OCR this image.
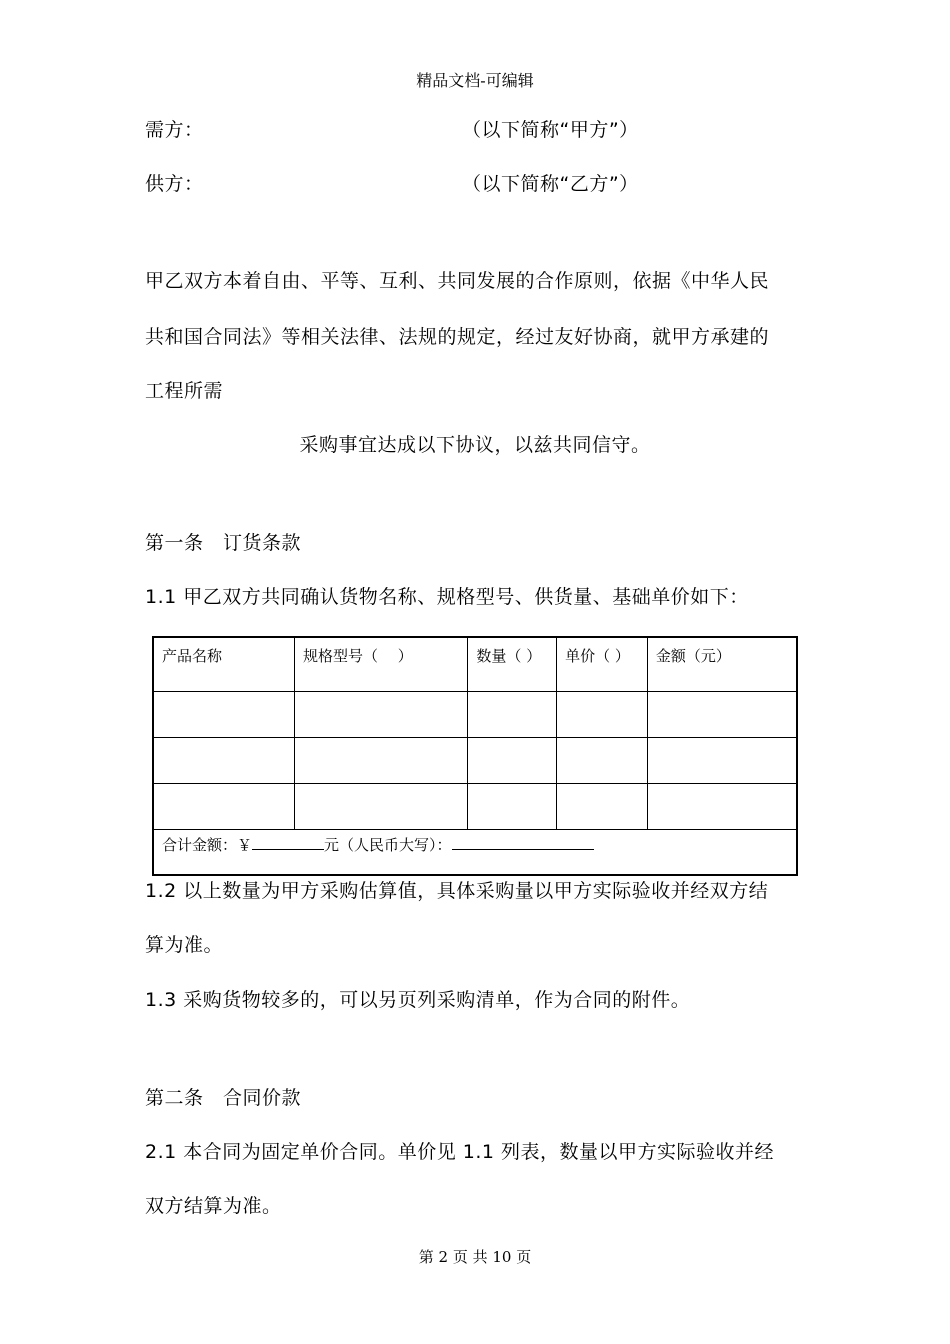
精品文档-可编辑
需方：	（以下简称“甲方”）
供方：	（以下简称“乙方”）
甲乙双方本着自由、平等、互利、共同发展的合作原则，依据《中华人民
共和国合同法》等相关法律、法规的规定，经过友好协商，就甲方承建的
工程所需
采购事宜达成以下协议，以兹共同信守。
第一条　订货条款
1.1 甲乙双方共同确认货物名称、规格型号、供货量、基础单价如下：
产品名称	规格型号（　 ）	数量（ ）	单价（ ）	金额（元）

合计金额：￥ 元（人民币大写）：				
1.2 以上数量为甲方采购估算值，具体采购量以甲方实际验收并经双方结
算为准。
1.3 采购货物较多的，可以另页列采购清单，作为合同的附件。
第二条　合同价款
2.1 本合同为固定单价合同。单价见 1.1 列表，数量以甲方实际验收并经
双方结算为准。
第 2 页 共 10 页
